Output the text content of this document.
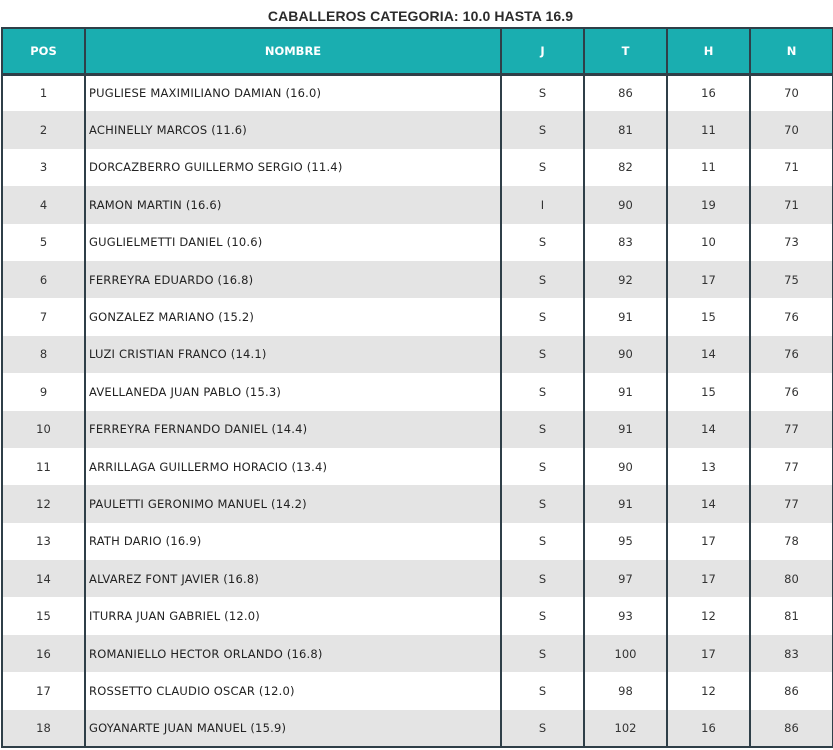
CABALLEROS CATEGORIA: 10.0 HASTA 16.9
POS	NOMBRE	J	T	H	N
1	PUGLIESE MAXIMILIANO DAMIAN (16.0)	S	86	16	70
2	ACHINELLY MARCOS (11.6)	S	81	11	70
3	DORCAZBERRO GUILLERMO SERGIO (11.4)	S	82	11	71
4	RAMON MARTIN (16.6)	I	90	19	71
5	GUGLIELMETTI DANIEL (10.6)	S	83	10	73
6	FERREYRA EDUARDO (16.8)	S	92	17	75
7	GONZALEZ MARIANO (15.2)	S	91	15	76
8	LUZI CRISTIAN FRANCO (14.1)	S	90	14	76
9	AVELLANEDA JUAN PABLO (15.3)	S	91	15	76
10	FERREYRA FERNANDO DANIEL (14.4)	S	91	14	77
11	ARRILLAGA GUILLERMO HORACIO (13.4)	S	90	13	77
12	PAULETTI GERONIMO MANUEL (14.2)	S	91	14	77
13	RATH DARIO (16.9)	S	95	17	78
14	ALVAREZ FONT JAVIER (16.8)	S	97	17	80
15	ITURRA JUAN GABRIEL (12.0)	S	93	12	81
16	ROMANIELLO HECTOR ORLANDO (16.8)	S	100	17	83
17	ROSSETTO CLAUDIO OSCAR (12.0)	S	98	12	86
18	GOYANARTE JUAN MANUEL (15.9)	S	102	16	86
